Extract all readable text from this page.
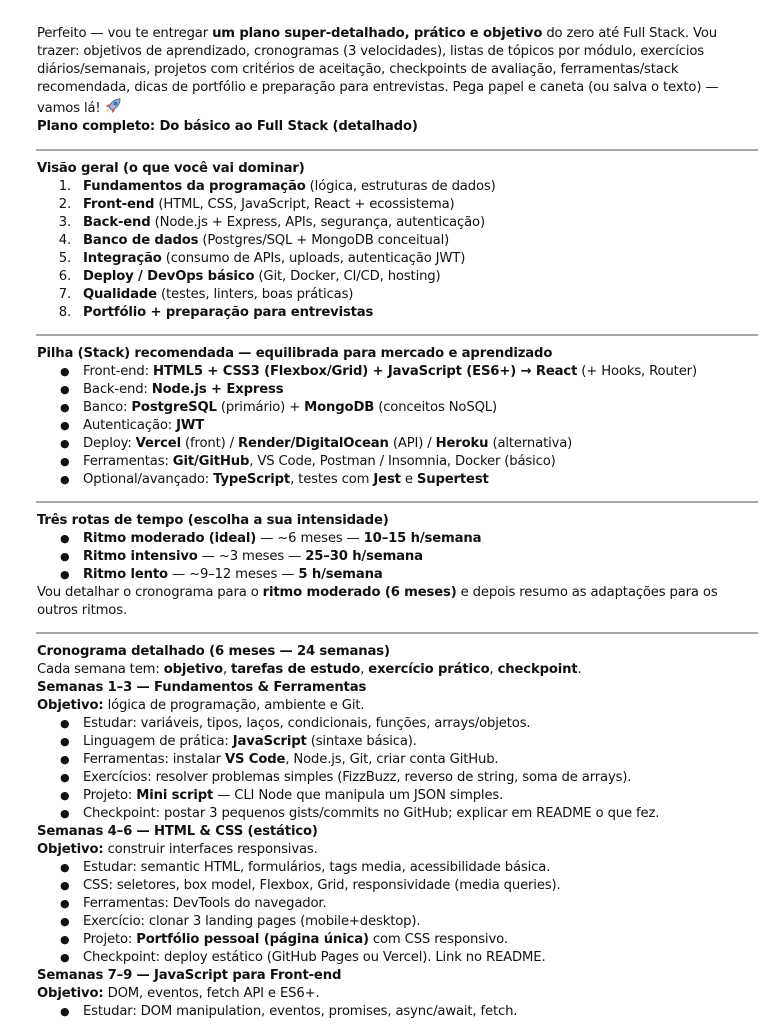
Perfeito — vou te entregar um plano super-detalhado, prático e objetivo do zero até Full Stack. Vou trazer: objetivos de aprendizado, cronogramas (3 velocidades), listas de tópicos por módulo, exercícios diários/semanais, projetos com critérios de aceitação, checkpoints de avaliação, ferramentas/stack recomendada, dicas de portfólio e preparação para entrevistas. Pega papel e caneta (ou salva o texto) — vamos lá!

Plano completo: Do básico ao Full Stack (detalhado)

Visão geral (o que você vai dominar)

1. Fundamentos da programação (lógica, estruturas de dados)
2. Front-end (HTML, CSS, JavaScript, React + ecossistema)
3. Back-end (Node.js + Express, APIs, segurança, autenticação)
4. Banco de dados (Postgres/SQL + MongoDB conceitual)
5. Integração (consumo de APIs, uploads, autenticação JWT)
6. Deploy / DevOps básico (Git, Docker, CI/CD, hosting)
7. Qualidade (testes, linters, boas práticas)
8. Portfólio + preparação para entrevistas

Pilha (Stack) recomendada — equilibrada para mercado e aprendizado

● Front-end: HTML5 + CSS3 (Flexbox/Grid) + JavaScript (ES6+) → React (+ Hooks, Router)
● Back-end: Node.js + Express
● Banco: PostgreSQL (primário) + MongoDB (conceitos NoSQL)
● Autenticação: JWT
● Deploy: Vercel (front) / Render/DigitalOcean (API) / Heroku (alternativa)
● Ferramentas: Git/GitHub, VS Code, Postman / Insomnia, Docker (básico)
● Optional/avançado: TypeScript, testes com Jest e Supertest

Três rotas de tempo (escolha a sua intensidade)

● Ritmo moderado (ideal) — ~6 meses — 10–15 h/semana
● Ritmo intensivo — ~3 meses — 25–30 h/semana
● Ritmo lento — ~9–12 meses — 5 h/semana

Vou detalhar o cronograma para o ritmo moderado (6 meses) e depois resumo as adaptações para os outros ritmos.

Cronograma detalhado (6 meses — 24 semanas)

Cada semana tem: objetivo, tarefas de estudo, exercício prático, checkpoint.

Semanas 1–3 — Fundamentos & Ferramentas

Objetivo: lógica de programação, ambiente e Git.

● Estudar: variáveis, tipos, laços, condicionais, funções, arrays/objetos.
● Linguagem de prática: JavaScript (sintaxe básica).
● Ferramentas: instalar VS Code, Node.js, Git, criar conta GitHub.
● Exercícios: resolver problemas simples (FizzBuzz, reverso de string, soma de arrays).
● Projeto: Mini script — CLI Node que manipula um JSON simples.
● Checkpoint: postar 3 pequenos gists/commits no GitHub; explicar em README o que fez.

Semanas 4–6 — HTML & CSS (estático)

Objetivo: construir interfaces responsivas.

● Estudar: semantic HTML, formulários, tags media, acessibilidade básica.
● CSS: seletores, box model, Flexbox, Grid, responsividade (media queries).
● Ferramentas: DevTools do navegador.
● Exercício: clonar 3 landing pages (mobile+desktop).
● Projeto: Portfólio pessoal (página única) com CSS responsivo.
● Checkpoint: deploy estático (GitHub Pages ou Vercel). Link no README.

Semanas 7–9 — JavaScript para Front-end

Objetivo: DOM, eventos, fetch API e ES6+.

● Estudar: DOM manipulation, eventos, promises, async/await, fetch.
